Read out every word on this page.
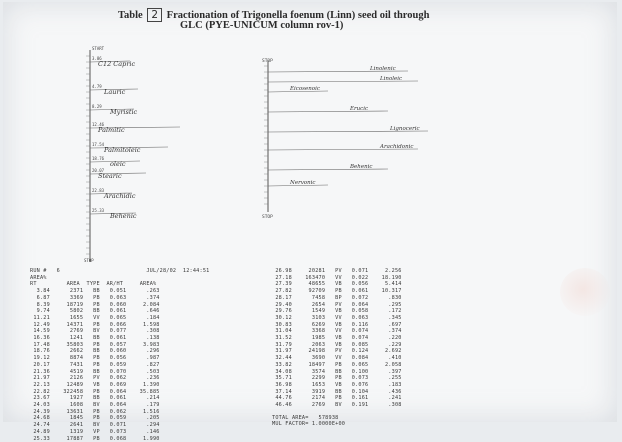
Table 2 Fractionation of Trigonella foenum (Linn) seed oil through
GLC (PYE-UNICUM column rov-1)
START
3.86
C12 Capric
4.79
Lauric
8.29
Myristic
12.46
Palmitic
17.54
Palmitoleic
18.76
oleic
20.07
Stearic
22.83
Arachidic
25.33
Behenic
STOP
STOP
Linolenic
Linoleic
Eicosenoic
Erucic
Lignoceric
Arachidonic
Behenic
Nervonic
STOP
RUN #   6	JUL/28/02  12:44:51
AREA%
RT	AREA TYPE AR/HT	AREA%
3.84      2371   BB   0.051      .263
6.87      3369   PB   0.063      .374
8.39     18719   PB   0.060     2.084
9.74      5802   BB   0.061      .646
11.21      1655   VV   0.065      .184
12.49     14371   PB   0.066     1.598
14.59      2769   BV   0.077      .308
16.36      1241   BB   0.061      .138
17.48     35803   PB   0.057     3.983
18.76      2662   BB   0.060      .296
19.12      8874   PB   0.056      .987
20.17      7431   PB   0.059      .827
21.36      4519   BB   0.070      .503
21.97      2126   PV   0.062      .236
22.13     12489   VB   0.069     1.390
22.82    322458   PB   0.064    35.885
23.67      1927   BB   0.061      .214
24.03      1608   BV   0.064      .179
24.39     13631   PB   0.062     1.516
24.68      1845   PB   0.059      .205
24.74      2641   BV   0.071      .294
24.89      1319   VP   0.073      .146
25.33     17887   PB   0.068     1.990
26.98     20281   PV   0.071     2.256
27.18    163470   VV   0.022    18.190
27.39     48655   VB   0.056     5.414
27.82     92709   PB   0.061    10.317
28.17      7458   BP   0.072      .830
29.40      2654   PV   0.064      .295
29.76      1549   VB   0.058      .172
30.12      3103   VV   0.063      .345
30.83      6269   VB   0.116      .697
31.04      3368   VV   0.074      .374
31.52      1985   VB   0.074      .220
31.79      2063   VB   0.085      .229
31.97     24198   PV   0.124     2.692
32.44      3690   VV   0.084      .410
33.82     18497   PB   0.065     2.058
34.08      3574   BB   0.100      .397
35.71      2299   PB   0.073      .255
36.98      1653   VB   0.076      .183
37.14      3919   BB   0.104      .436
44.76      2174   PB   0.161      .241
46.46      2769   BV   0.191      .308
TOTAL AREA=   578938
MUL FACTOR= 1.0000E+00
